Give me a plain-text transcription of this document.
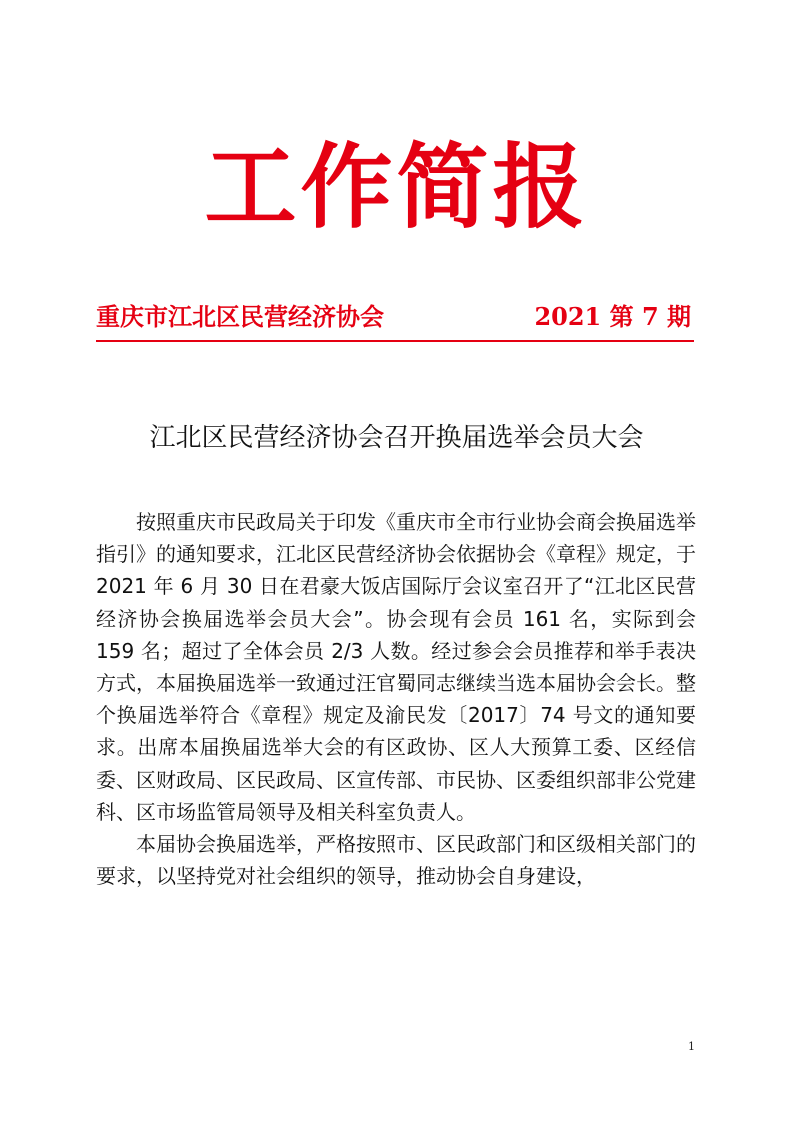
工作简报
重庆市江北区民营经济协会	2021 第 7 期
江北区民营经济协会召开换届选举会员大会

按照重庆市民政局关于印发《重庆市全市行业协会商会换届选举指引》的通知要求，江北区民营经济协会依据协会《章程》规定，于 2021 年 6 月 30 日在君豪大饭店国际厅会议室召开了“江北区民营经济协会换届选举会员大会”。协会现有会员 161 名，实际到会 159 名；超过了全体会员 2/3 人数。经过参会会员推荐和举手表决方式，本届换届选举一致通过汪官蜀同志继续当选本届协会会长。整个换届选举符合《章程》规定及渝民发〔2017〕74 号文的通知要求。出席本届换届选举大会的有区政协、区人大预算工委、区经信委、区财政局、区民政局、区宣传部、市民协、区委组织部非公党建科、区市场监管局领导及相关科室负责人。

本届协会换届选举，严格按照市、区民政部门和区级相关部门的要求，以坚持党对社会组织的领导，推动协会自身建设，

1
